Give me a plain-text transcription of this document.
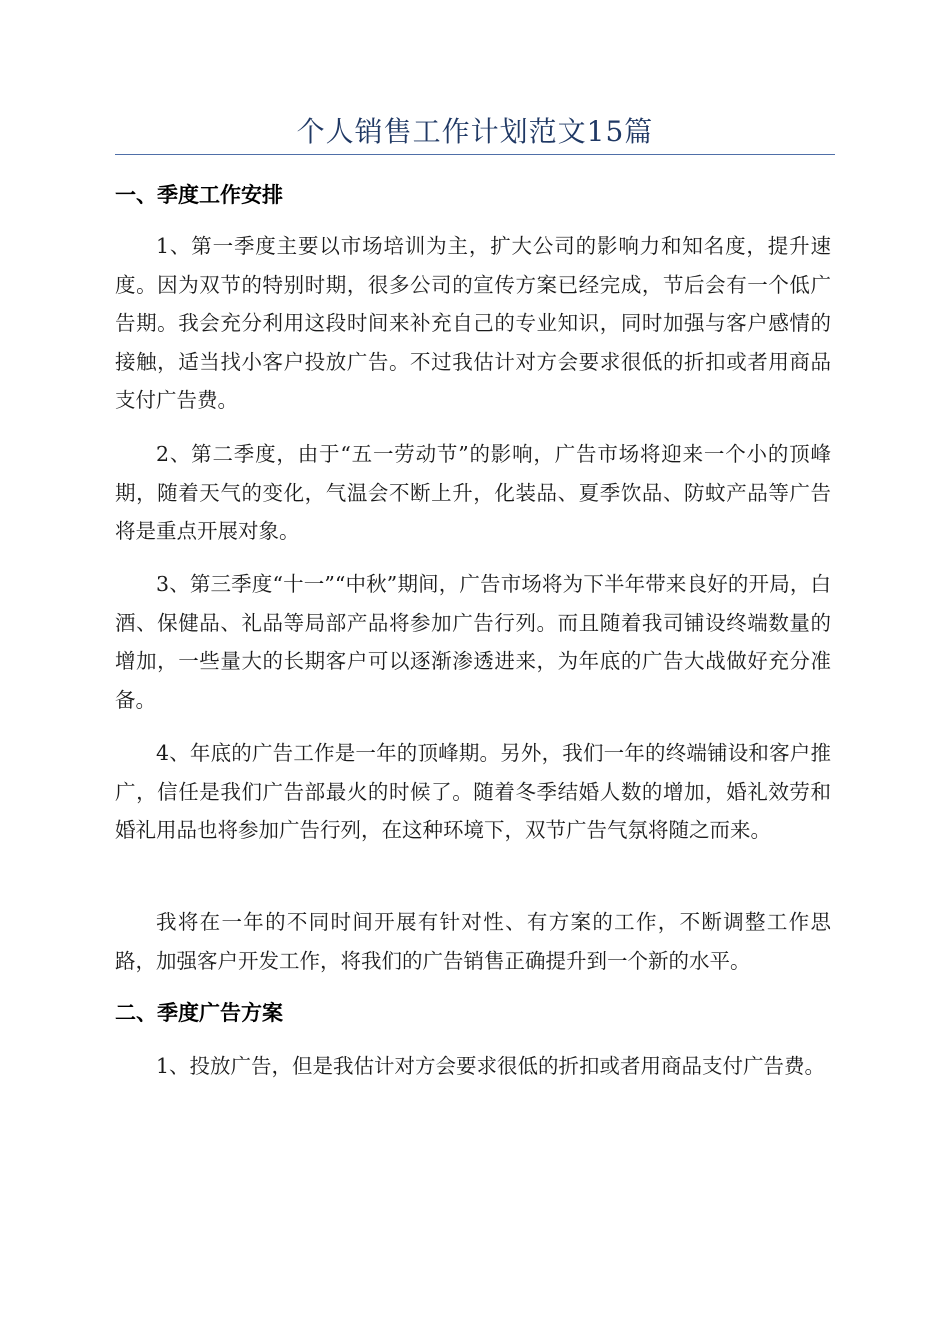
个人销售工作计划范文15篇
一、季度工作安排

1、第一季度主要以市场培训为主，扩大公司的影响力和知名度，提升速度。因为双节的特别时期，很多公司的宣传方案已经完成，节后会有一个低广告期。我会充分利用这段时间来补充自己的专业知识，同时加强与客户感情的接触，适当找小客户投放广告。不过我估计对方会要求很低的折扣或者用商品支付广告费。

2、第二季度，由于“五一劳动节”的影响，广告市场将迎来一个小的顶峰期，随着天气的变化，气温会不断上升，化装品、夏季饮品、防蚊产品等广告将是重点开展对象。

3、第三季度“十一”“中秋”期间，广告市场将为下半年带来良好的开局，白酒、保健品、礼品等局部产品将参加广告行列。而且随着我司铺设终端数量的增加，一些量大的长期客户可以逐渐渗透进来，为年底的广告大战做好充分准备。

4、年底的广告工作是一年的顶峰期。另外，我们一年的终端铺设和客户推广，信任是我们广告部最火的时候了。随着冬季结婚人数的增加，婚礼效劳和婚礼用品也将参加广告行列，在这种环境下，双节广告气氛将随之而来。

我将在一年的不同时间开展有针对性、有方案的工作，不断调整工作思路，加强客户开发工作，将我们的广告销售正确提升到一个新的水平。

二、季度广告方案

1、投放广告，但是我估计对方会要求很低的折扣或者用商品支付广告费。
